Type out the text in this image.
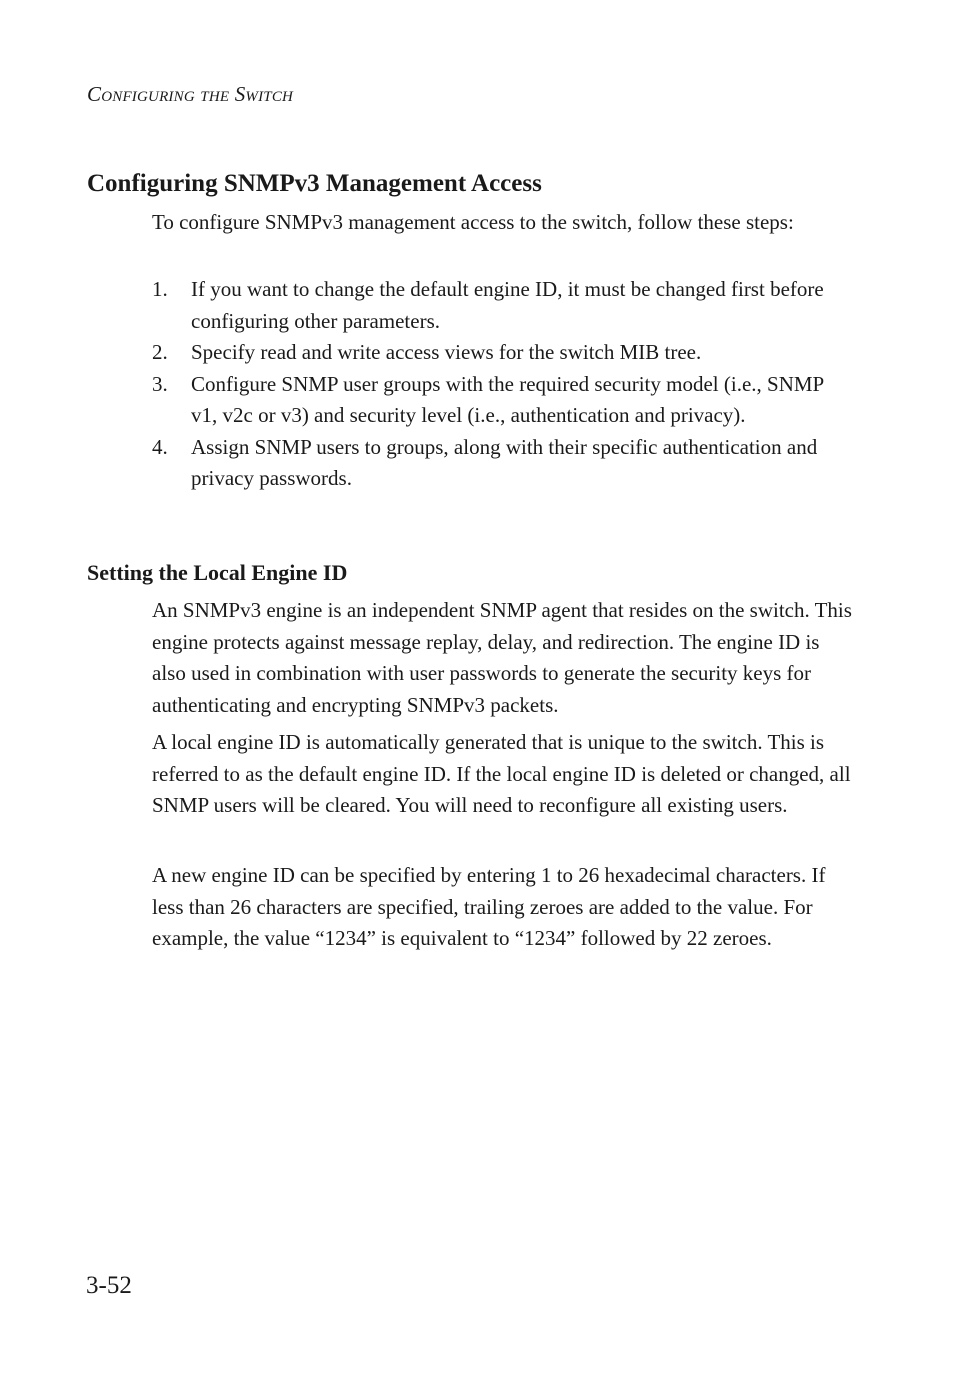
Configuring the Switch
Configuring SNMPv3 Management Access

To configure SNMPv3 management access to the switch, follow these steps:

1. If you want to change the default engine ID, it must be changed first before configuring other parameters.
2. Specify read and write access views for the switch MIB tree.
3. Configure SNMP user groups with the required security model (i.e., SNMP v1, v2c or v3) and security level (i.e., authentication and privacy).
4. Assign SNMP users to groups, along with their specific authentication and privacy passwords.
Setting the Local Engine ID

An SNMPv3 engine is an independent SNMP agent that resides on the switch. This engine protects against message replay, delay, and redirection. The engine ID is also used in combination with user passwords to generate the security keys for authenticating and encrypting SNMPv3 packets.

A local engine ID is automatically generated that is unique to the switch. This is referred to as the default engine ID. If the local engine ID is deleted or changed, all SNMP users will be cleared. You will need to reconfigure all existing users.

A new engine ID can be specified by entering 1 to 26 hexadecimal characters. If less than 26 characters are specified, trailing zeroes are added to the value. For example, the value “1234” is equivalent to “1234” followed by 22 zeroes.

3-52
